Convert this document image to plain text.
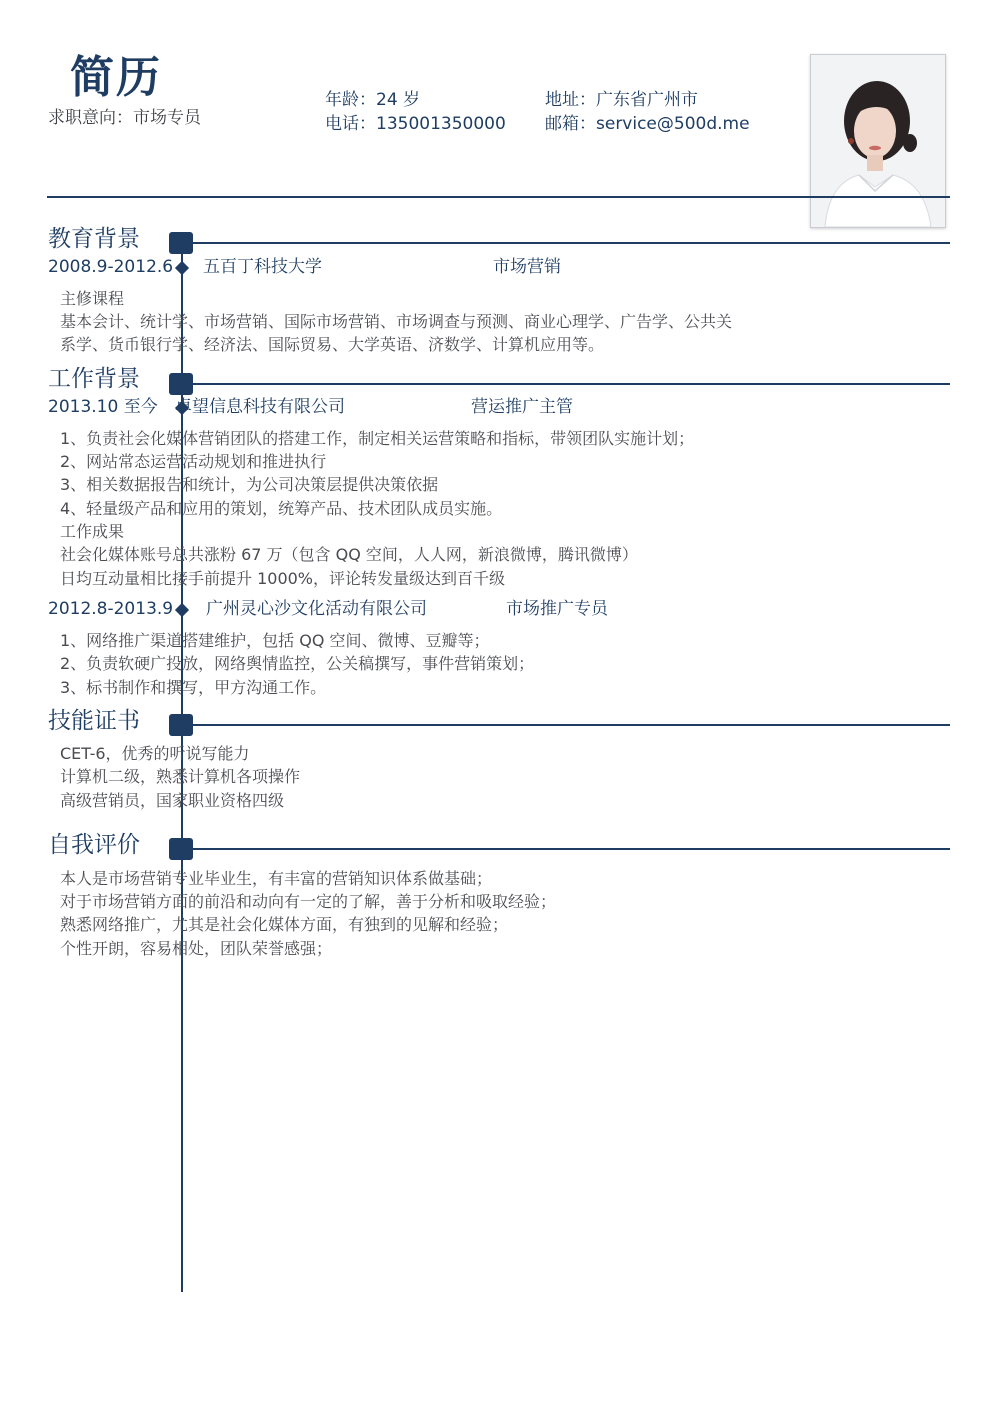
简历
求职意向：市场专员
年龄：24 岁
电话：135001350000
地址：广东省广州市
邮箱：service@500d.me
教育背景
2008.9-2012.6 五百丁科技大学	市场营销
主修课程
基本会计、统计学、市场营销、国际市场营销、市场调查与预测、商业心理学、广告学、公共关
系学、货币银行学、经济法、国际贸易、大学英语、济数学、计算机应用等。
工作背景
2013.10 至今 卓望信息科技有限公司	营运推广主管
1、负责社会化媒体营销团队的搭建工作，制定相关运营策略和指标，带领团队实施计划；
2、网站常态运营活动规划和推进执行
3、相关数据报告和统计，为公司决策层提供决策依据
4、轻量级产品和应用的策划，统筹产品、技术团队成员实施。
工作成果
社会化媒体账号总共涨粉 67 万（包含 QQ 空间，人人网，新浪微博，腾讯微博）
日均互动量相比接手前提升 1000%，评论转发量级达到百千级
2012.8-2013.9 广州灵心沙文化活动有限公司	市场推广专员
1、网络推广渠道搭建维护，包括 QQ 空间、微博、豆瓣等；
2、负责软硬广投放，网络舆情监控，公关稿撰写，事件营销策划；
3、标书制作和撰写，甲方沟通工作。
技能证书
CET-6，优秀的听说写能力
计算机二级，熟悉计算机各项操作
高级营销员，国家职业资格四级
自我评价
本人是市场营销专业毕业生，有丰富的营销知识体系做基础；
对于市场营销方面的前沿和动向有一定的了解，善于分析和吸取经验；
熟悉网络推广，尤其是社会化媒体方面，有独到的见解和经验；
个性开朗，容易相处，团队荣誉感强；
